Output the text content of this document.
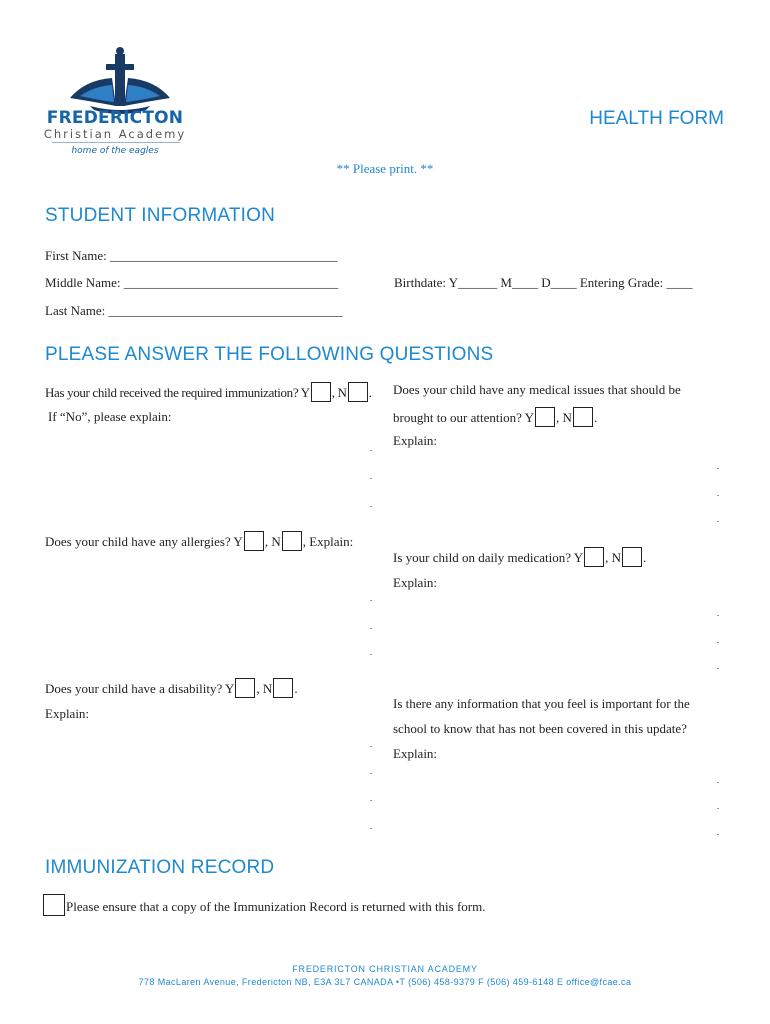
FREDERICTON
Christian Academy
home of the eagles
HEALTH FORM
** Please print. **
STUDENT INFORMATION
First Name: ___________________________________
Middle Name: _________________________________	Birthdate: Y______ M____ D____ Entering Grade: ____
Last Name: ____________________________________
PLEASE ANSWER THE FOLLOWING QUESTIONS
Has your child received the required immunization? Y , N .
If “No”, please explain:
Does your child have any medical issues that should be
brought to our attention? Y , N .
Explain:
Does your child have any allergies? Y , N , Explain:
Is your child on daily medication? Y , N .
Explain:
Does your child have a disability? Y , N .
Explain:
Is there any information that you feel is important for the
school to know that has not been covered in this update?
Explain:
IMMUNIZATION RECORD
Please ensure that a copy of the Immunization Record is returned with this form.
FREDERICTON CHRISTIAN ACADEMY
778 MacLaren Avenue, Fredericton NB, E3A 3L7 CANADA •T (506) 458-9379 F (506) 459-6148 E office@fcae.ca
